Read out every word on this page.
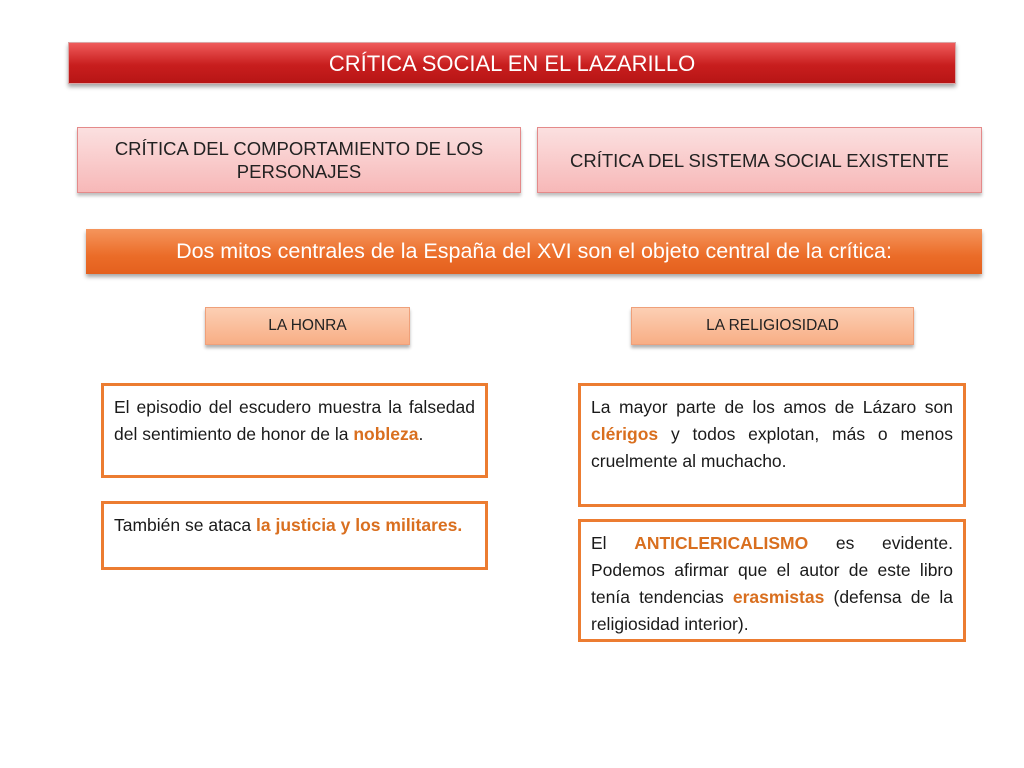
CRÍTICA SOCIAL EN EL LAZARILLO
CRÍTICA DEL COMPORTAMIENTO DE LOS PERSONAJES
CRÍTICA DEL SISTEMA SOCIAL EXISTENTE
Dos mitos centrales de la España del XVI son el objeto central de la crítica:
LA HONRA	LA RELIGIOSIDAD
El episodio del escudero muestra la falsedad del sentimiento de honor de la nobleza.
También se ataca la justicia y los militares.
La mayor parte de los amos de Lázaro son clérigos y todos explotan, más o menos cruelmente al muchacho.
El ANTICLERICALISMO es evidente. Podemos afirmar que el autor de este libro tenía tendencias erasmistas (defensa de la religiosidad interior).
